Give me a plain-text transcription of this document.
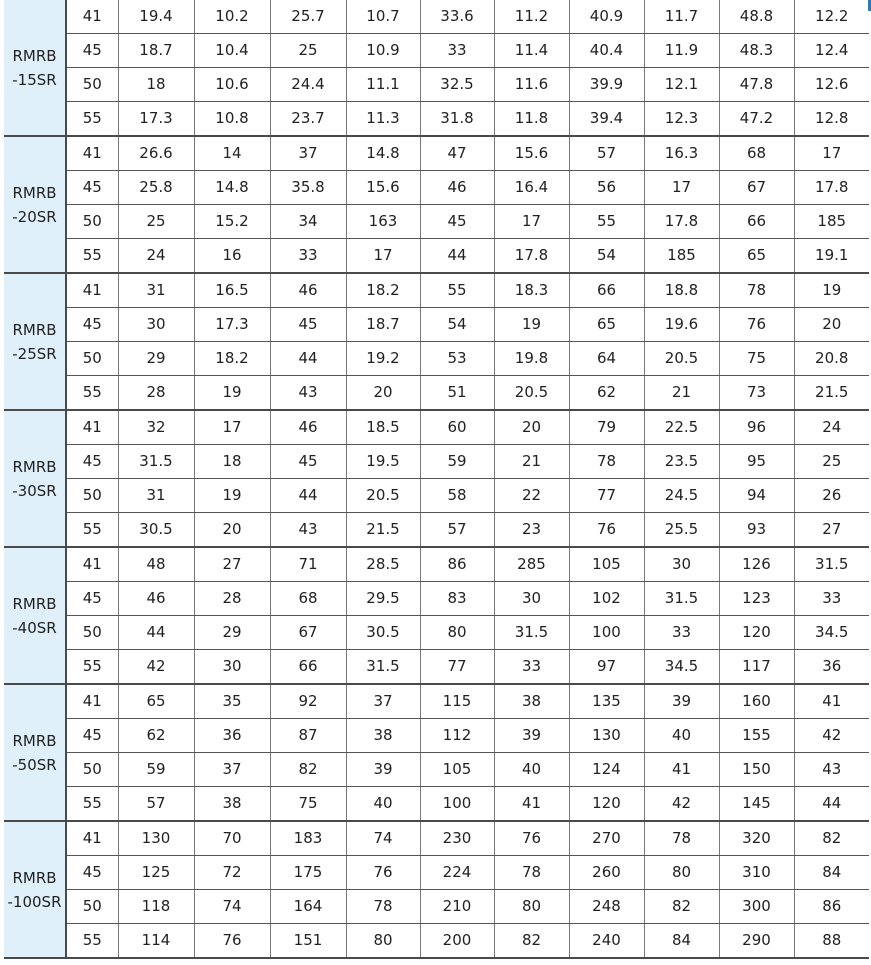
RMRB
-15SR	41	19.4	10.2	25.7	10.7	33.6	11.2	40.9	11.7	48.8	12.2
	45	18.7	10.4	25	10.9	33	11.4	40.4	11.9	48.3	12.4
	50	18	10.6	24.4	11.1	32.5	11.6	39.9	12.1	47.8	12.6
	55	17.3	10.8	23.7	11.3	31.8	11.8	39.4	12.3	47.2	12.8

RMRB
-20SR	41	26.6	14	37	14.8	47	15.6	57	16.3	68	17
	45	25.8	14.8	35.8	15.6	46	16.4	56	17	67	17.8
	50	25	15.2	34	163	45	17	55	17.8	66	185
	55	24	16	33	17	44	17.8	54	185	65	19.1

RMRB
-25SR	41	31	16.5	46	18.2	55	18.3	66	18.8	78	19
	45	30	17.3	45	18.7	54	19	65	19.6	76	20
	50	29	18.2	44	19.2	53	19.8	64	20.5	75	20.8
	55	28	19	43	20	51	20.5	62	21	73	21.5

RMRB
-30SR	41	32	17	46	18.5	60	20	79	22.5	96	24
	45	31.5	18	45	19.5	59	21	78	23.5	95	25
	50	31	19	44	20.5	58	22	77	24.5	94	26
	55	30.5	20	43	21.5	57	23	76	25.5	93	27

RMRB
-40SR	41	48	27	71	28.5	86	285	105	30	126	31.5
	45	46	28	68	29.5	83	30	102	31.5	123	33
	50	44	29	67	30.5	80	31.5	100	33	120	34.5
	55	42	30	66	31.5	77	33	97	34.5	117	36

RMRB
-50SR	41	65	35	92	37	115	38	135	39	160	41
	45	62	36	87	38	112	39	130	40	155	42
	50	59	37	82	39	105	40	124	41	150	43
	55	57	38	75	40	100	41	120	42	145	44

RMRB
-100SR	41	130	70	183	74	230	76	270	78	320	82
	45	125	72	175	76	224	78	260	80	310	84
	50	118	74	164	78	210	80	248	82	300	86
	55	114	76	151	80	200	82	240	84	290	88
